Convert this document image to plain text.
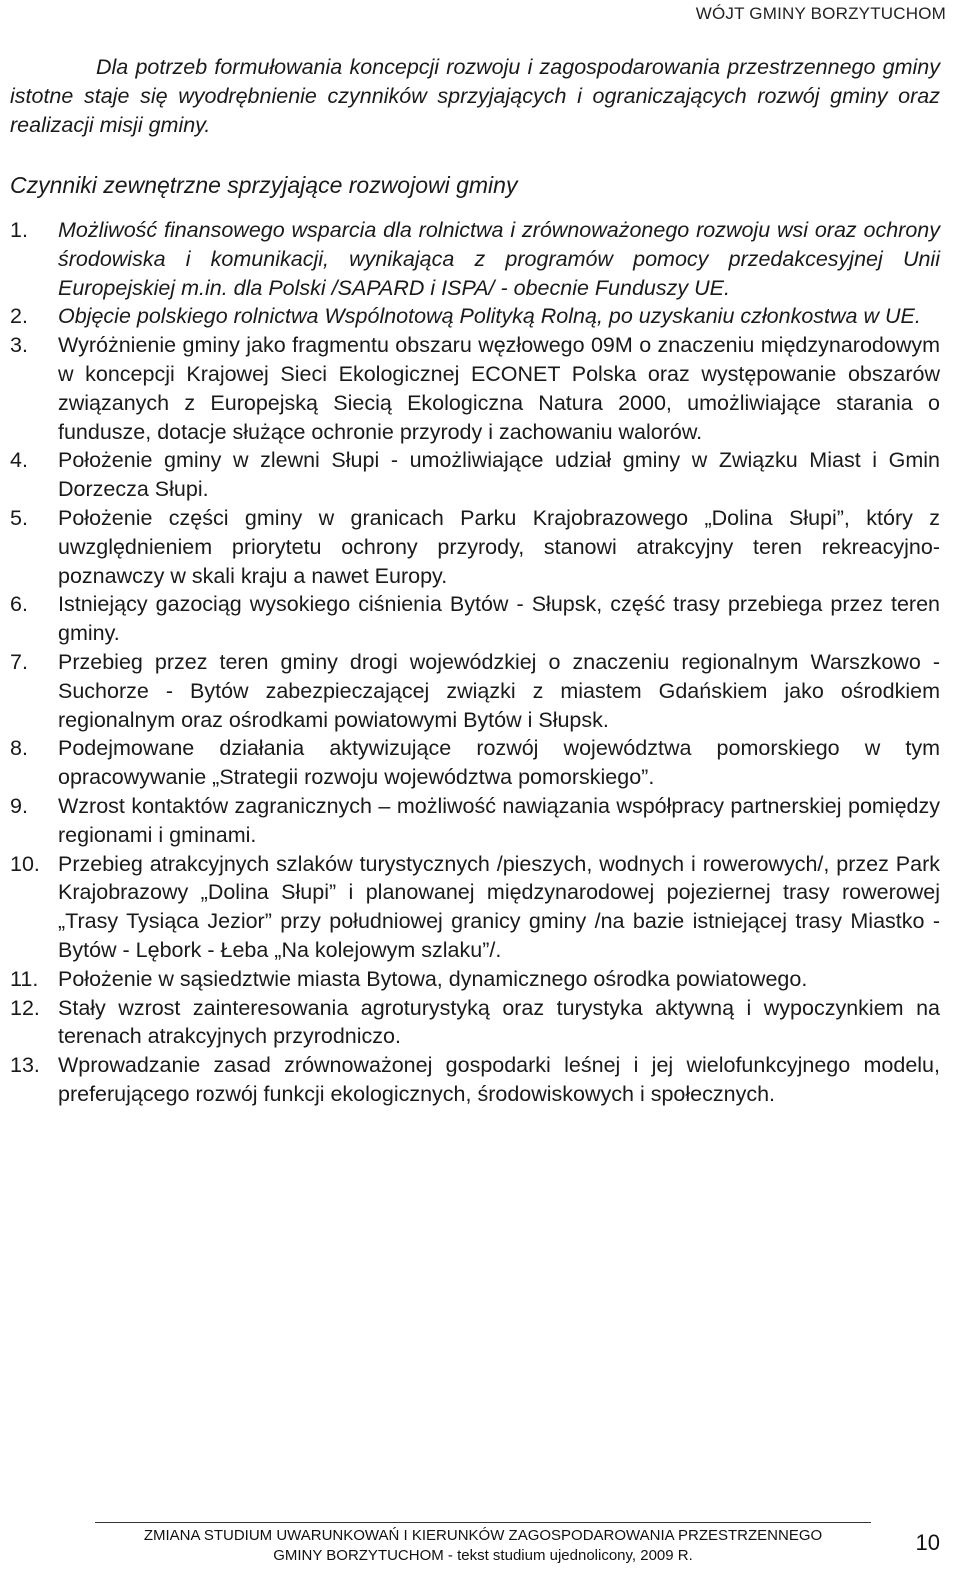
WÓJT GMINY BORZYTUCHOM

Dla potrzeb formułowania koncepcji rozwoju i zagospodarowania przestrzennego gminy istotne staje się wyodrębnienie czynników sprzyjających i ograniczających rozwój gminy oraz realizacji misji gminy.

Czynniki zewnętrzne sprzyjające rozwojowi gminy
1. Możliwość finansowego wsparcia dla rolnictwa i zrównoważonego rozwoju wsi oraz ochrony środowiska i komunikacji, wynikająca z programów pomocy przedakcesyjnej Unii Europejskiej m.in. dla Polski /SAPARD i ISPA/ - obecnie Funduszy UE.
2. Objęcie polskiego rolnictwa Wspólnotową Polityką Rolną, po uzyskaniu członkostwa w UE.
3. Wyróżnienie gminy jako fragmentu obszaru węzłowego 09M o znaczeniu międzynarodowym w koncepcji Krajowej Sieci Ekologicznej ECONET Polska oraz występowanie obszarów związanych z Europejską Siecią Ekologiczna Natura 2000, umożliwiające starania o fundusze, dotacje służące ochronie przyrody i zachowaniu walorów.
4. Położenie gminy w zlewni Słupi - umożliwiające udział gminy w Związku Miast i Gmin Dorzecza Słupi.
5. Położenie części gminy w granicach Parku Krajobrazowego „Dolina Słupi”, który z uwzględnieniem priorytetu ochrony przyrody, stanowi atrakcyjny teren rekreacyjno-poznawczy w skali kraju a nawet Europy.
6. Istniejący gazociąg wysokiego ciśnienia Bytów - Słupsk, część trasy przebiega przez teren gminy.
7. Przebieg przez teren gminy drogi wojewódzkiej o znaczeniu regionalnym Warszkowo - Suchorze - Bytów zabezpieczającej związki z miastem Gdańskiem jako ośrodkiem regionalnym oraz ośrodkami powiatowymi Bytów i Słupsk.
8. Podejmowane działania aktywizujące rozwój województwa pomorskiego w tym opracowywanie „Strategii rozwoju województwa pomorskiego”.
9. Wzrost kontaktów zagranicznych – możliwość nawiązania współpracy partnerskiej pomiędzy regionami i gminami.
10. Przebieg atrakcyjnych szlaków turystycznych /pieszych, wodnych i rowerowych/, przez Park Krajobrazowy „Dolina Słupi” i planowanej międzynarodowej pojeziernej trasy rowerowej „Trasy Tysiąca Jezior” przy południowej granicy gminy /na bazie istniejącej trasy Miastko - Bytów - Lębork - Łeba „Na kolejowym szlaku”/.
11. Położenie w sąsiedztwie miasta Bytowa, dynamicznego ośrodka powiatowego.
12. Stały wzrost zainteresowania agroturystyką oraz turystyka aktywną i wypoczynkiem na terenach atrakcyjnych przyrodniczo.
13. Wprowadzanie zasad zrównoważonej gospodarki leśnej i jej wielofunkcyjnego modelu, preferującego rozwój funkcji ekologicznych, środowiskowych i społecznych.
ZMIANA STUDIUM UWARUNKOWAŃ I KIERUNKÓW ZAGOSPODAROWANIA PRZESTRZENNEGO
GMINY BORZYTUCHOM - tekst studium ujednolicony, 2009 R.
10
